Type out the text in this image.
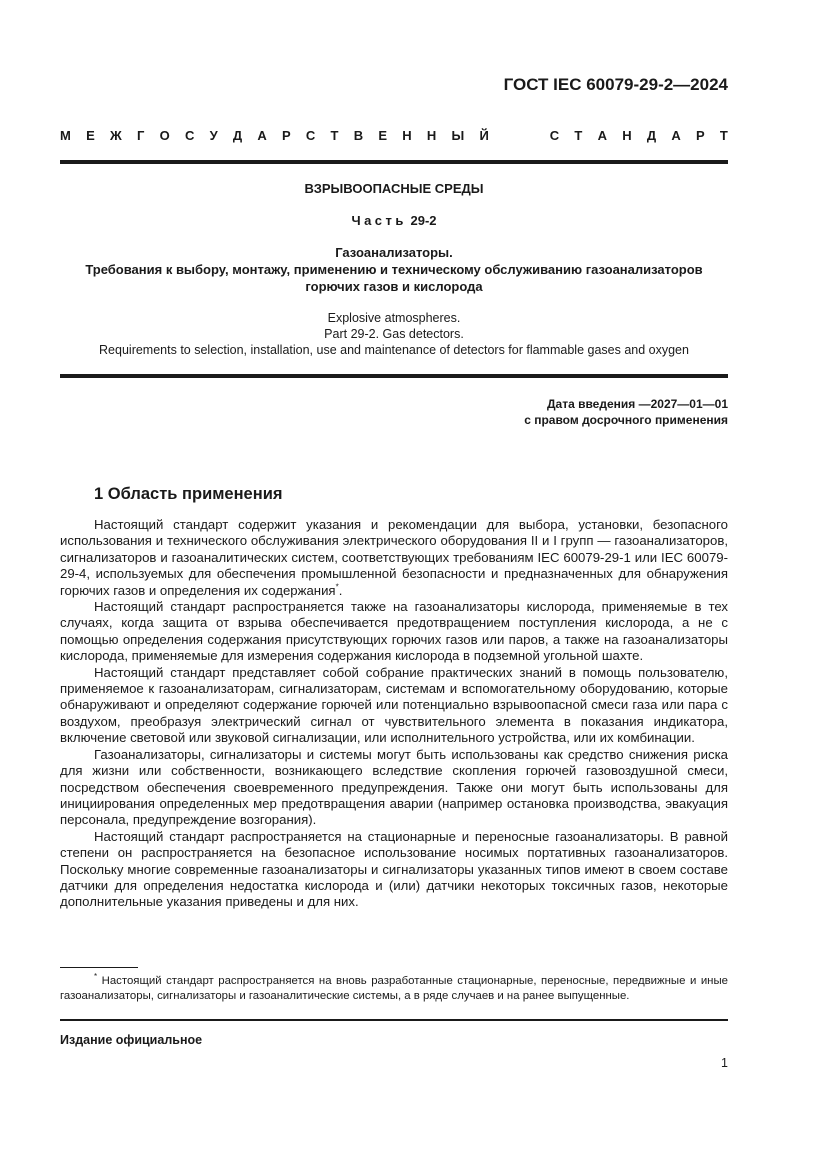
ГОСТ IEC 60079-29-2—2024
М Е Ж Г О С У Д А Р С Т В Е Н Н Ы Й	С Т А Н Д А Р Т
ВЗРЫВООПАСНЫЕ СРЕДЫ
Часть 29-2
Газоанализаторы.
Требования к выбору, монтажу, применению и техническому обслуживанию газоанализаторов
горючих газов и кислорода
Explosive atmospheres.
Part 29-2. Gas detectors.
Requirements to selection, installation, use and maintenance of detectors for flammable gases and oxygen
Дата введения —2027—01—01
с правом досрочного применения
1 Область применения

Настоящий стандарт содержит указания и рекомендации для выбора, установки, безопасного использования и технического обслуживания электрического оборудования II и I групп — газоанализаторов, сигнализаторов и газоаналитических систем, соответствующих требованиям IEC 60079-29-1 или IEC 60079-29-4, используемых для обеспечения промышленной безопасности и предназначенных для обнаружения горючих газов и определения их содержания*.

Настоящий стандарт распространяется также на газоанализаторы кислорода, применяемые в тех случаях, когда защита от взрыва обеспечивается предотвращением поступления кислорода, а не с помощью определения содержания присутствующих горючих газов или паров, а также на газоанализаторы кислорода, применяемые для измерения содержания кислорода в подземной угольной шахте.

Настоящий стандарт представляет собой собрание практических знаний в помощь пользователю, применяемое к газоанализаторам, сигнализаторам, системам и вспомогательному оборудованию, которые обнаруживают и определяют содержание горючей или потенциально взрывоопасной смеси газа или пара с воздухом, преобразуя электрический сигнал от чувствительного элемента в показания индикатора, включение световой или звуковой сигнализации, или исполнительного устройства, или их комбинации.

Газоанализаторы, сигнализаторы и системы могут быть использованы как средство снижения риска для жизни или собственности, возникающего вследствие скопления горючей газовоздушной смеси, посредством обеспечения своевременного предупреждения. Также они могут быть использованы для инициирования определенных мер предотвращения аварии (например остановка производства, эвакуация персонала, предупреждение возгорания).

Настоящий стандарт распространяется на стационарные и переносные газоанализаторы. В равной степени он распространяется на безопасное использование носимых портативных газоанализаторов. Поскольку многие современные газоанализаторы и сигнализаторы указанных типов имеют в своем составе датчики для определения недостатка кислорода и (или) датчики некоторых токсичных газов, некоторые дополнительные указания приведены и для них.

* Настоящий стандарт распространяется на вновь разработанные стационарные, переносные, передвижные и иные газоанализаторы, сигнализаторы и газоаналитические системы, а в ряде случаев и на ранее выпущенные.
Издание официальное
1
